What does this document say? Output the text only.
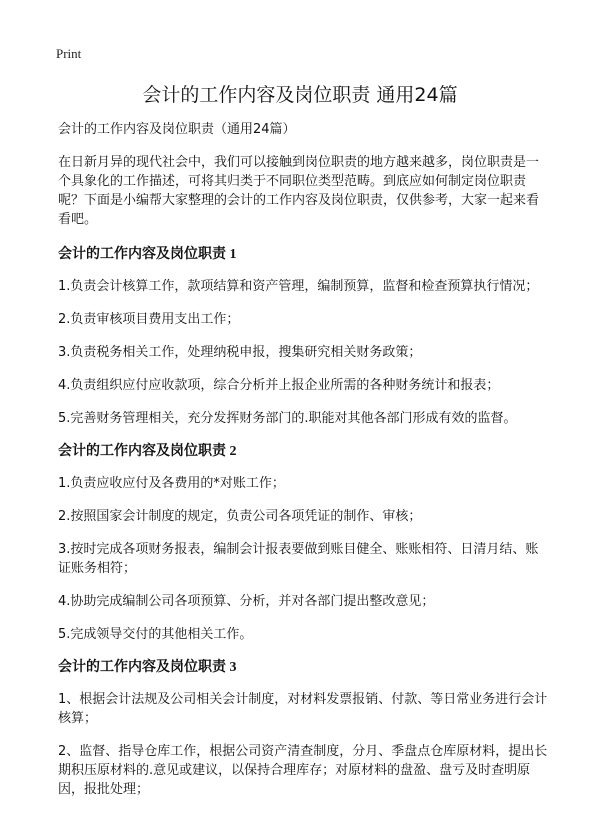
Print
会计的工作内容及岗位职责 通用24篇

会计的工作内容及岗位职责（通用24篇）

在日新月异的现代社会中，我们可以接触到岗位职责的地方越来越多，岗位职责是一个具象化的工作描述，可将其归类于不同职位类型范畴。到底应如何制定岗位职责呢？下面是小编帮大家整理的会计的工作内容及岗位职责，仅供参考，大家一起来看看吧。

会计的工作内容及岗位职责 1

1.负责会计核算工作，款项结算和资产管理，编制预算，监督和检查预算执行情况；

2.负责审核项目费用支出工作；

3.负责税务相关工作，处理纳税申报，搜集研究相关财务政策；

4.负责组织应付应收款项，综合分析并上报企业所需的各种财务统计和报表；

5.完善财务管理相关，充分发挥财务部门的.职能对其他各部门形成有效的监督。

会计的工作内容及岗位职责 2

1.负责应收应付及各费用的*对账工作；

2.按照国家会计制度的规定，负责公司各项凭证的制作、审核；

3.按时完成各项财务报表，编制会计报表要做到账目健全、账账相符、日清月结、账证账务相符；

4.协助完成编制公司各项预算、分析，并对各部门提出整改意见；

5.完成领导交付的其他相关工作。

会计的工作内容及岗位职责 3

1、根据会计法规及公司相关会计制度，对材料发票报销、付款、等日常业务进行会计核算；

2、监督、指导仓库工作，根据公司资产清查制度，分月、季盘点仓库原材料，提出长期积压原材料的.意见或建议，以保持合理库存；对原材料的盘盈、盘亏及时查明原因，报批处理；
